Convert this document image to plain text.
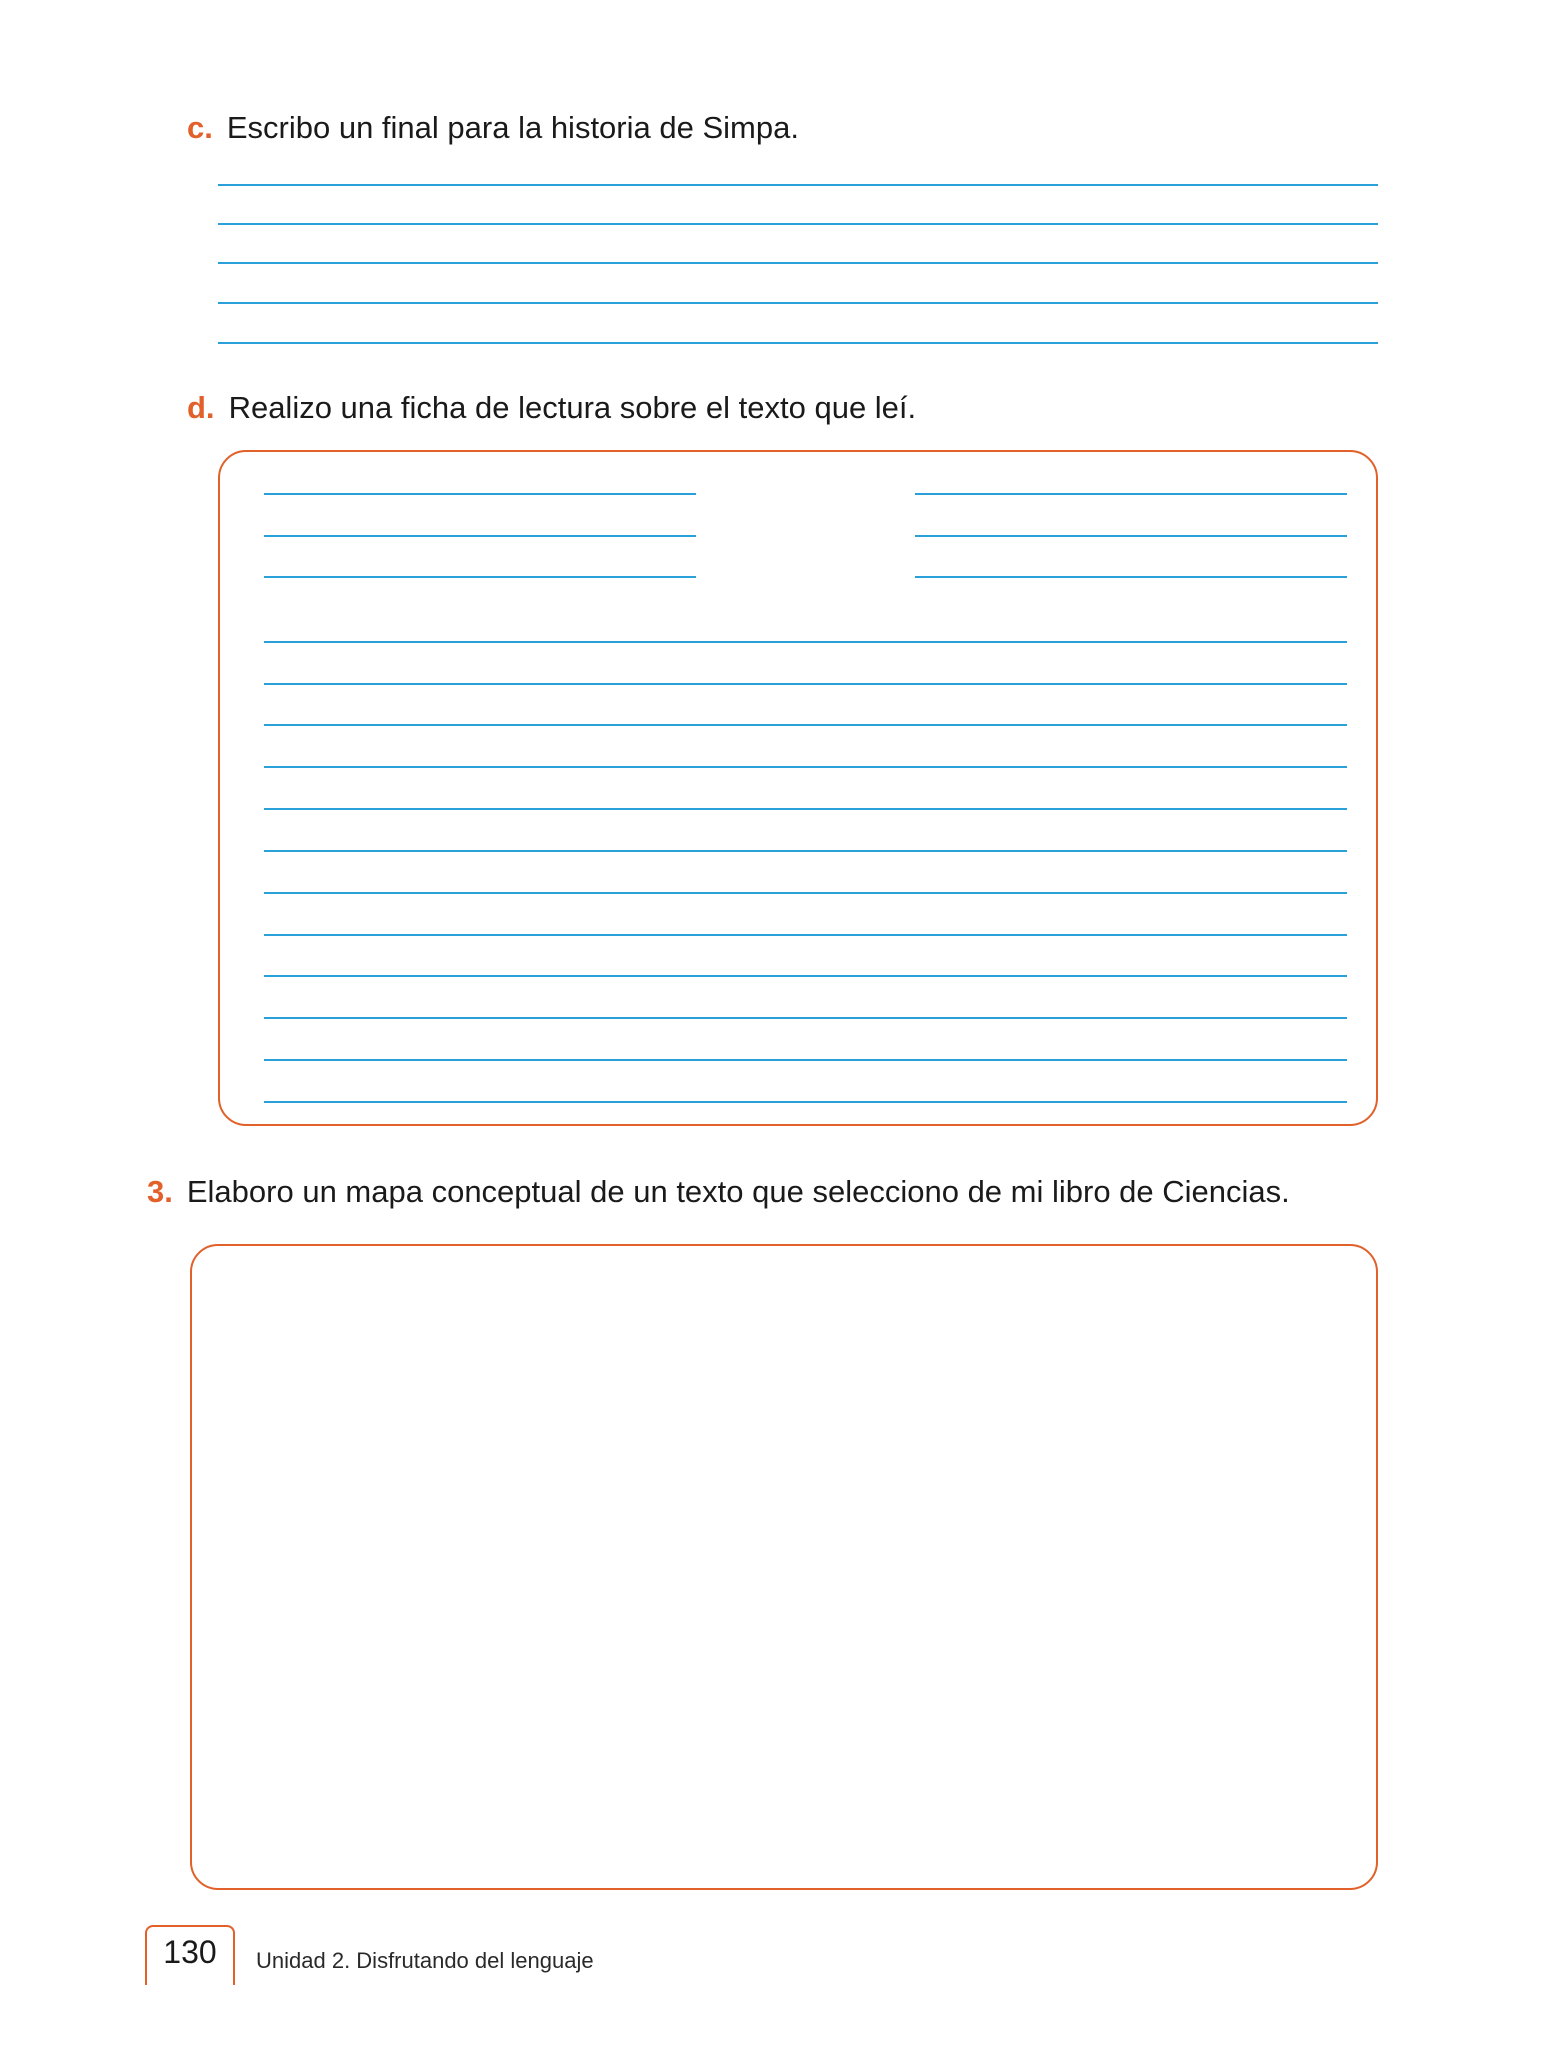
c. Escribo un final para la historia de Simpa.
d. Realizo una ficha de lectura sobre el texto que leí.
3. Elaboro un mapa conceptual de un texto que selecciono de mi libro de Ciencias.
130	Unidad 2. Disfrutando del lenguaje
